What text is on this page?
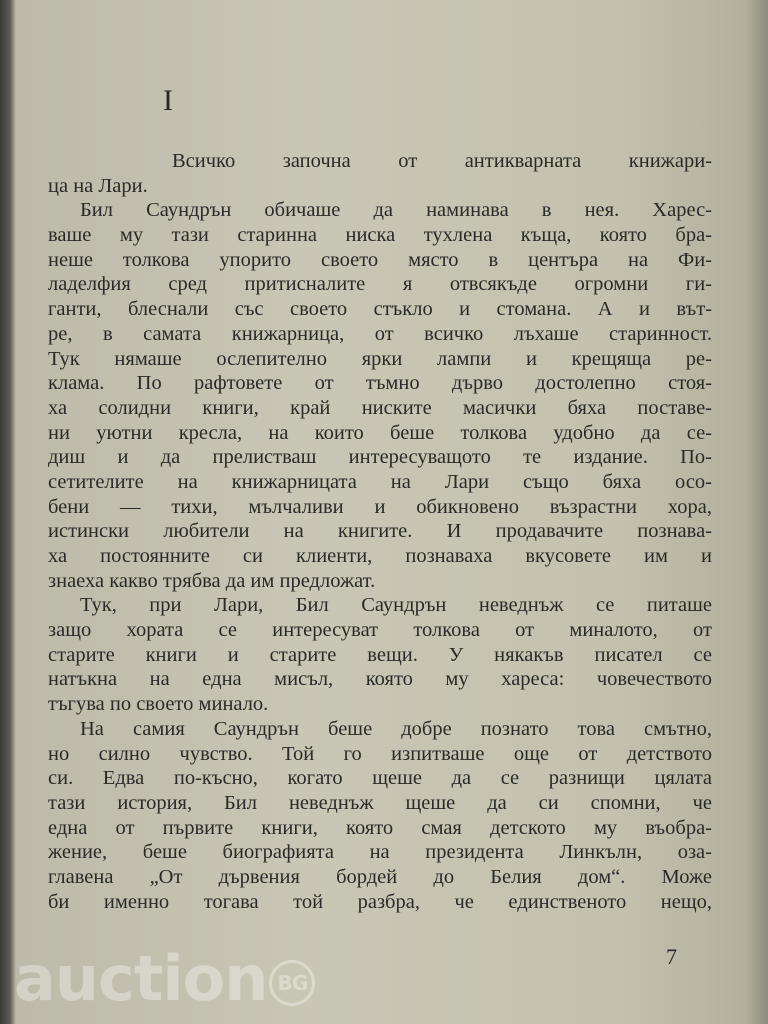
I
Всичко започна от антикварната книжари-
ца на Лари.
Бил Саундрън обичаше да наминава в нея. Харес-
ваше му тази старинна ниска тухлена къща, която бра-
неше толкова упорито своето място в центъра на Фи-
ладелфия сред притисналите я отвсякъде огромни ги-
ганти, блеснали със своето стъкло и стомана. А и вът-
ре, в самата книжарница, от всичко лъхаше старинност.
Тук нямаше ослепително ярки лампи и крещяща ре-
клама. По рафтовете от тъмно дърво достолепно стоя-
ха солидни книги, край ниските масички бяха поставе-
ни уютни кресла, на които беше толкова удобно да се-
диш и да прелистваш интересуващото те издание. По-
сетителите на книжарницата на Лари също бяха осо-
бени — тихи, мълчаливи и обикновено възрастни хора,
истински любители на книгите. И продавачите познава-
ха постоянните си клиенти, познаваха вкусовете им и
знаеха какво трябва да им предложат.
Тук, при Лари, Бил Саундрън неведнъж се питаше
защо хората се интересуват толкова от миналото, от
старите книги и старите вещи. У някакъв писател се
натъкна на една мисъл, която му хареса: човечеството
тъгува по своето минало.
На самия Саундрън беше добре познато това смътно,
но силно чувство. Той го изпитваше още от детството
си. Едва по-късно, когато щеше да се разнищи цялата
тази история, Бил неведнъж щеше да си спомни, че
една от първите книги, която смая детското му въобра-
жение, беше биографията на президента Линкълн, оза-
главена „От дървения бордей до Белия дом“. Може
би именно тогава той разбра, че единственото нещо,
7
auction BG
